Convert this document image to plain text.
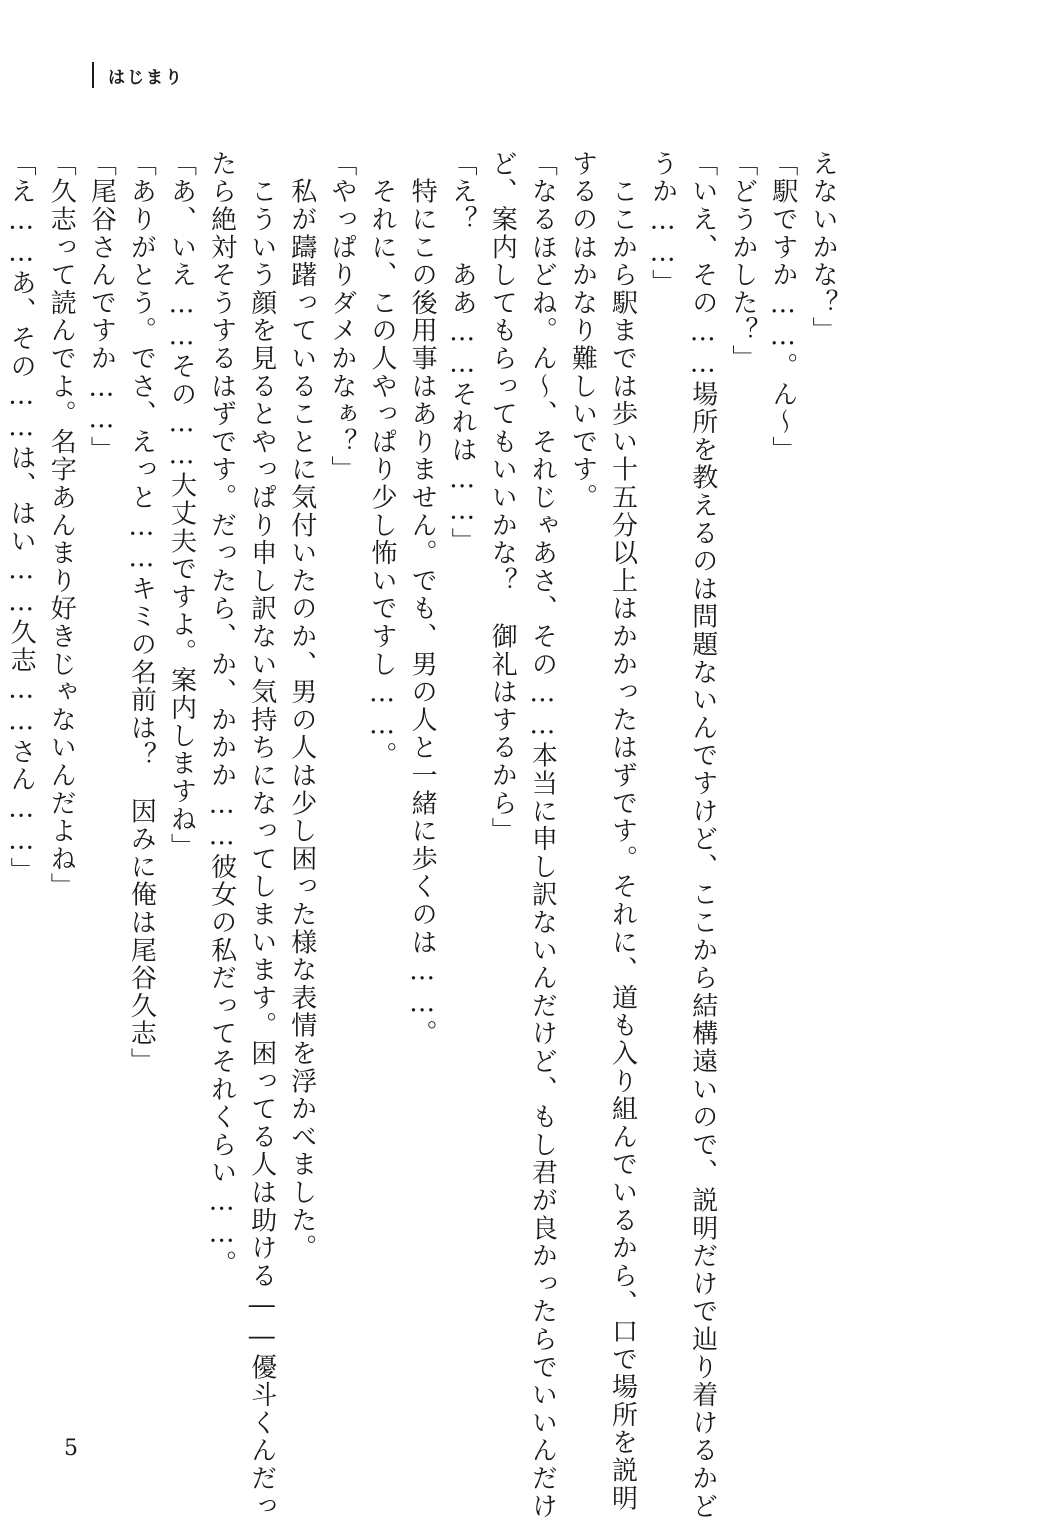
はじまり
えないかな？」
「駅ですか……。ん～」
「どうかした？」
「いえ、その……場所を教えるのは問題ないんですけど、ここから結構遠いので、説明だけで辿り着けるかど
うか……」
　ここから駅までは歩い十五分以上はかかったはずです。それに、道も入り組んでいるから、口で場所を説明
するのはかなり難しいです。
「なるほどね。ん～、それじゃあさ、その……本当に申し訳ないんだけど、もし君が良かったらでいいんだけ
ど、案内してもらってもいいかな？　御礼はするから」
「え？　ああ……それは……」
　特にこの後用事はありません。でも、男の人と一緒に歩くのは……。
　それに、この人やっぱり少し怖いですし……。
「やっぱりダメかなぁ？」
　私が躊躇っていることに気付いたのか、男の人は少し困った様な表情を浮かべました。
　こういう顔を見るとやっぱり申し訳ない気持ちになってしまいます。困ってる人は助ける――優斗くんだっ
たら絶対そうするはずです。だったら、か、かかか……彼女の私だってそれくらい……。
「あ、いえ……その……大丈夫ですよ。案内しますね」
「ありがとう。でさ、えっと……キミの名前は？　因みに俺は尾谷久志」
「尾谷さんですか……」
「久志って読んでよ。名字あんまり好きじゃないんだよね」
「え……あ、その……は、はい……久志……さん……」
5
